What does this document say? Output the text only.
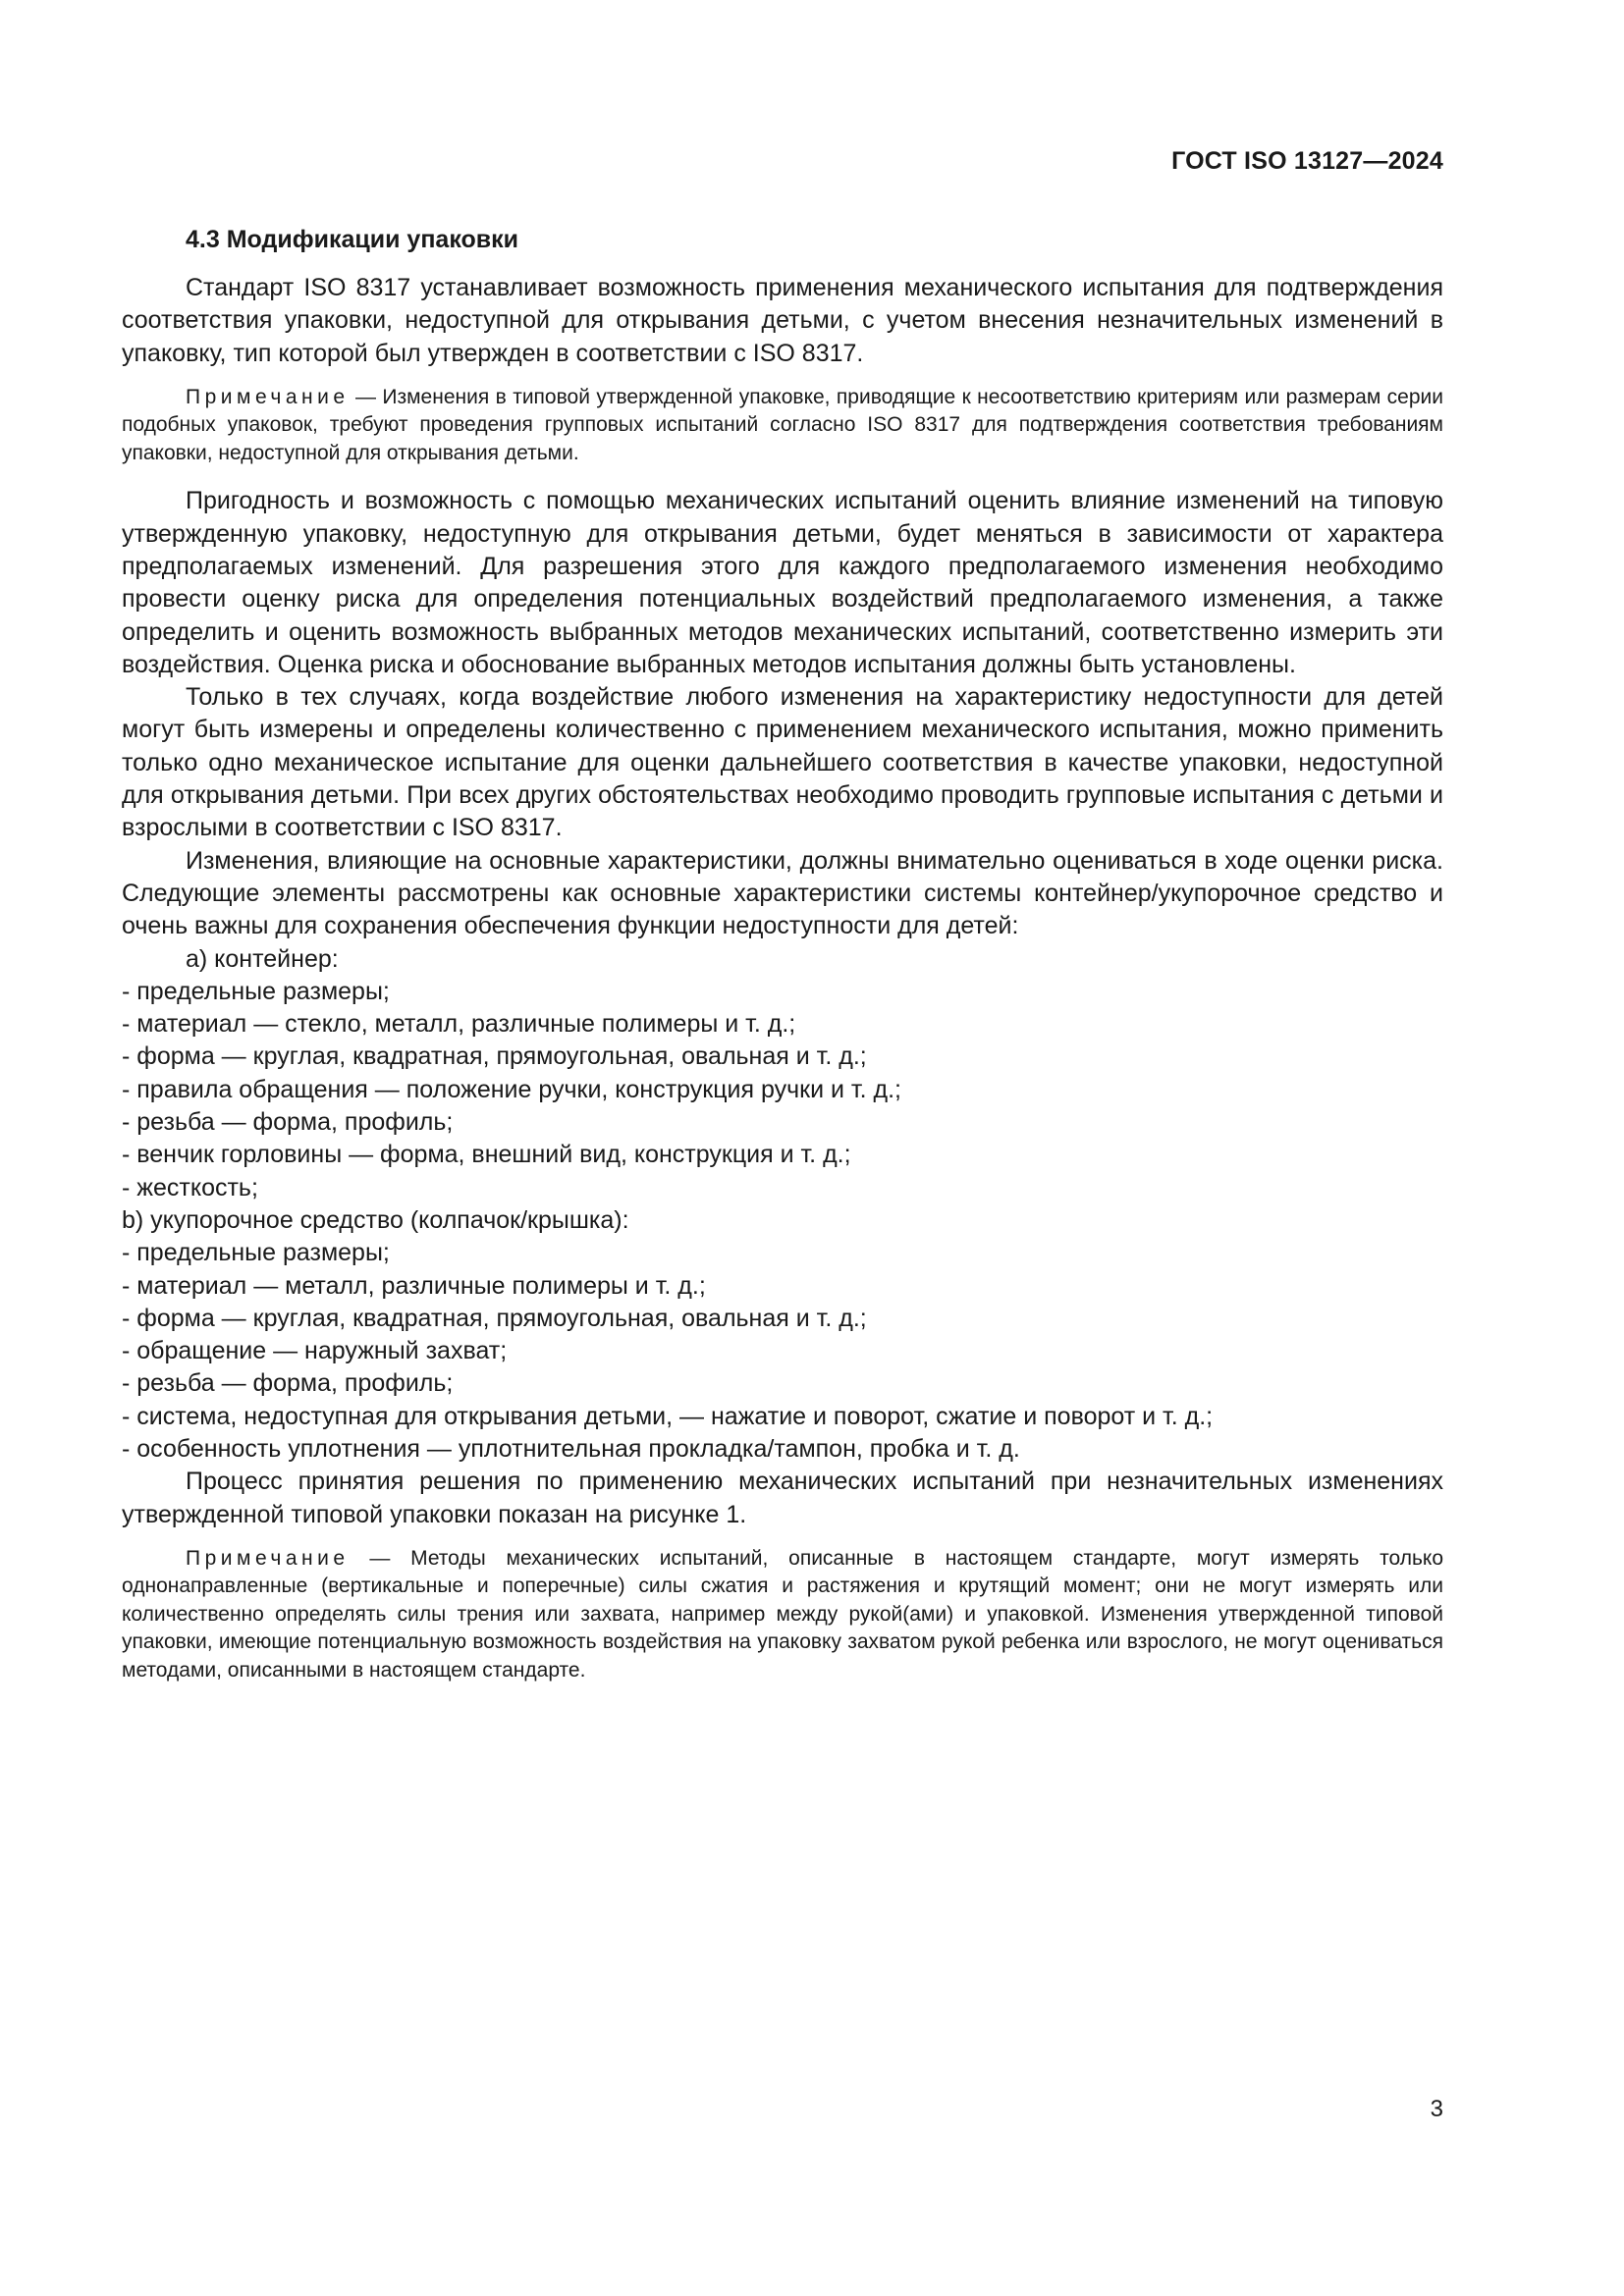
ГОСТ ISO 13127—2024
4.3 Модификации упаковки

Стандарт ISO 8317 устанавливает возможность применения механического испытания для подтверждения соответствия упаковки, недоступной для открывания детьми, с учетом внесения незначительных изменений в упаковку, тип которой был утвержден в соответствии с ISO 8317.

Примечание — Изменения в типовой утвержденной упаковке, приводящие к несоответствию критериям или размерам серии подобных упаковок, требуют проведения групповых испытаний согласно ISO 8317 для подтверждения соответствия требованиям упаковки, недоступной для открывания детьми.

Пригодность и возможность с помощью механических испытаний оценить влияние изменений на типовую утвержденную упаковку, недоступную для открывания детьми, будет меняться в зависимости от характера предполагаемых изменений. Для разрешения этого для каждого предполагаемого изменения необходимо провести оценку риска для определения потенциальных воздействий предполагаемого изменения, а также определить и оценить возможность выбранных методов механических испытаний, соответственно измерить эти воздействия. Оценка риска и обоснование выбранных методов испытания должны быть установлены.

Только в тех случаях, когда воздействие любого изменения на характеристику недоступности для детей могут быть измерены и определены количественно с применением механического испытания, можно применить только одно механическое испытание для оценки дальнейшего соответствия в качестве упаковки, недоступной для открывания детьми. При всех других обстоятельствах необходимо проводить групповые испытания с детьми и взрослыми в соответствии с ISO 8317.

Изменения, влияющие на основные характеристики, должны внимательно оцениваться в ходе оценки риска. Следующие элементы рассмотрены как основные характеристики системы контейнер/укупорочное средство и очень важны для сохранения обеспечения функции недоступности для детей:

a) контейнер:
- предельные размеры;
- материал — стекло, металл, различные полимеры и т. д.;
- форма — круглая, квадратная, прямоугольная, овальная и т. д.;
- правила обращения — положение ручки, конструкция ручки и т. д.;
- резьба — форма, профиль;
- венчик горловины — форма, внешний вид, конструкция и т. д.;
- жесткость;
b) укупорочное средство (колпачок/крышка):
- предельные размеры;
- материал — металл, различные полимеры и т. д.;
- форма — круглая, квадратная, прямоугольная, овальная и т. д.;
- обращение — наружный захват;
- резьба — форма, профиль;
- система, недоступная для открывания детьми, — нажатие и поворот, сжатие и поворот и т. д.;
- особенность уплотнения — уплотнительная прокладка/тампон, пробка и т. д.

Процесс принятия решения по применению механических испытаний при незначительных изменениях утвержденной типовой упаковки показан на рисунке 1.

Примечание — Методы механических испытаний, описанные в настоящем стандарте, могут измерять только однонаправленные (вертикальные и поперечные) силы сжатия и растяжения и крутящий момент; они не могут измерять или количественно определять силы трения или захвата, например между рукой(ами) и упаковкой. Изменения утвержденной типовой упаковки, имеющие потенциальную возможность воздействия на упаковку захватом рукой ребенка или взрослого, не могут оцениваться методами, описанными в настоящем стандарте.

3
